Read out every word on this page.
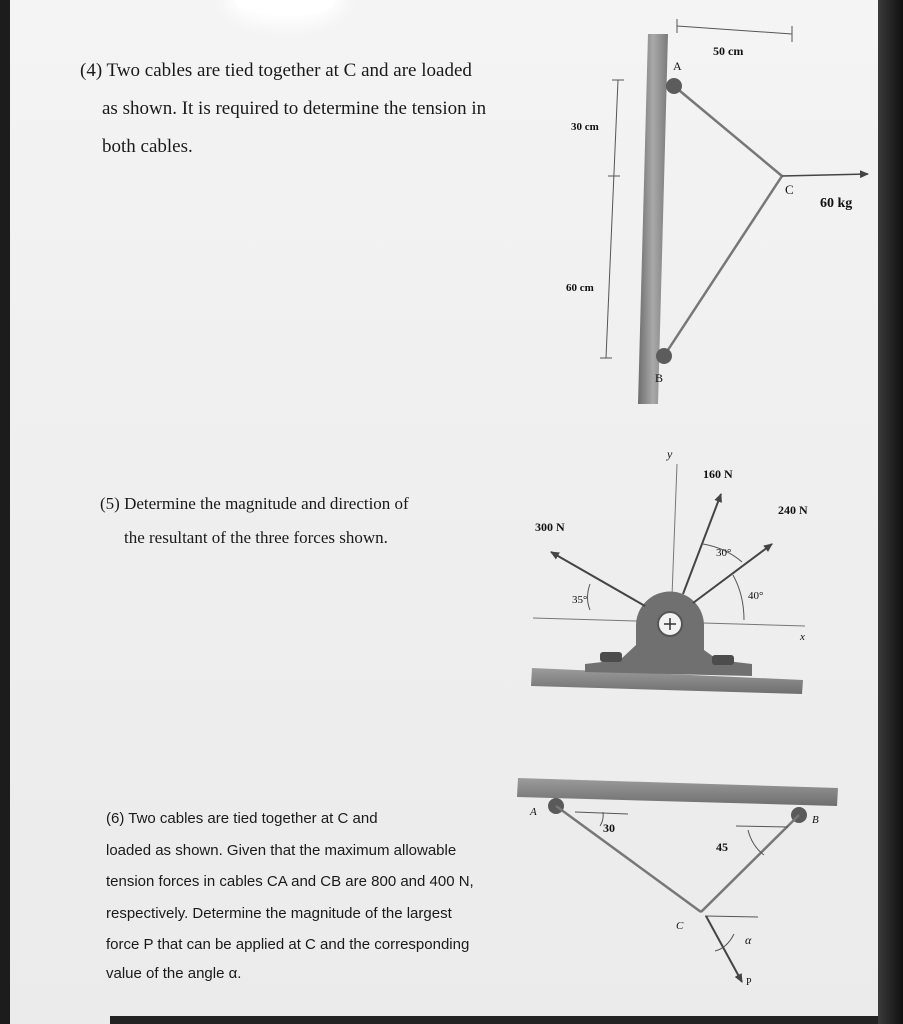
(4) Two cables are tied together at C and are loaded
as shown. It is required to determine the tension in
both cables.
(5) Determine the magnitude and direction of
the resultant of the three forces shown.
(6) Two cables are tied together at C and
loaded as shown. Given that the maximum allowable
tension forces in cables CA and CB are 800 and 400 N,
respectively. Determine the magnitude of the largest
force P that can be applied at C and the corresponding
value of the angle α.
50 cm
30 cm
60 cm
A
B
C
60 kg
y
x
160 N
240 N
300 N
30°
40°
35°
A
B
C
30
45
α
P
